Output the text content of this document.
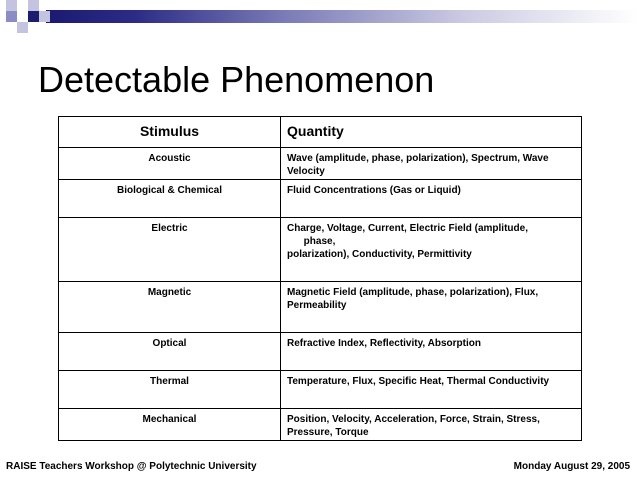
Detectable Phenomenon
Stimulus	Quantity
Acoustic	Wave (amplitude, phase, polarization), Spectrum, Wave Velocity
Biological & Chemical	Fluid Concentrations (Gas or Liquid)
Electric	Charge, Voltage, Current, Electric Field (amplitude,
phase,
polarization), Conductivity, Permittivity
Magnetic	Magnetic Field (amplitude, phase, polarization), Flux, Permeability
Optical	Refractive Index, Reflectivity, Absorption
Thermal	Temperature, Flux, Specific Heat, Thermal Conductivity
Mechanical	Position, Velocity, Acceleration, Force, Strain, Stress, Pressure, Torque
RAISE Teachers Workshop @ Polytechnic University	Monday August 29, 2005
